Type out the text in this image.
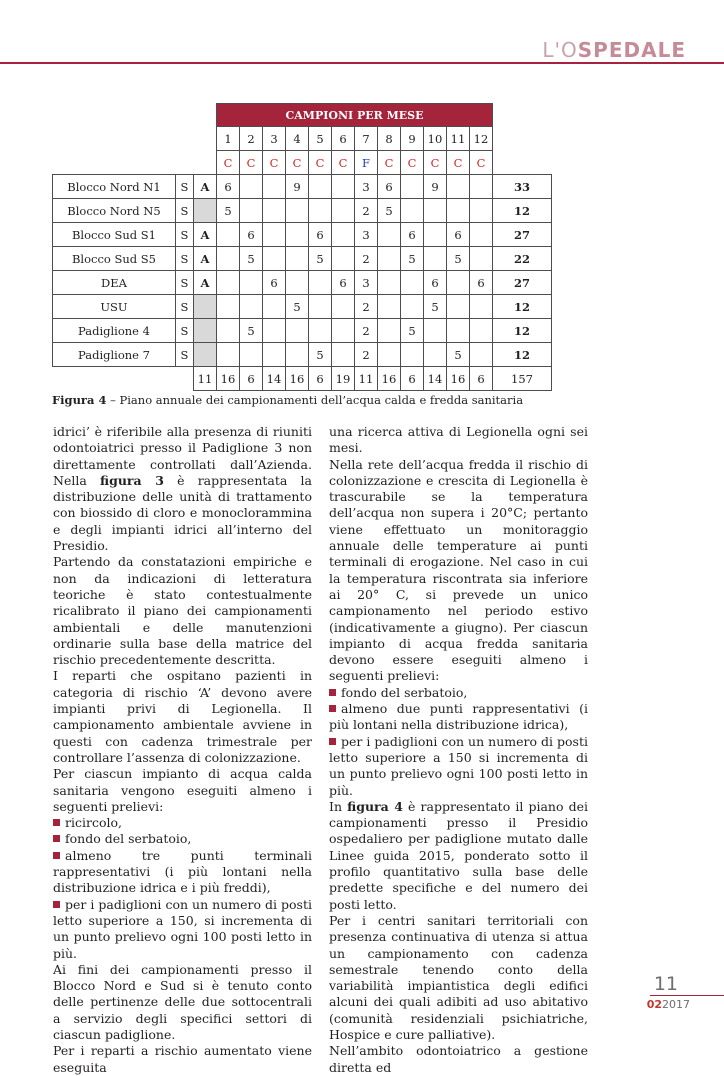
L'OSPEDALE
			CAMPIONI PER MESE												
			1	2	3	4	5	6	7	8	9	10	11	12	
			C	C	C	C	C	C	F	C	C	C	C	C	
Blocco Nord N1	S	A	6			9			3	6		9			33
Blocco Nord N5	S		5						2	5					12
Blocco Sud S1	S	A		6			6		3		6		6		27
Blocco Sud S5	S	A		5			5		2		5		5		22
DEA	S	A			6			6	3			6		6	27
USU	S					5			2			5			12
Padiglione 4	S			5					2		5				12
Padiglione 7	S						5		2				5		12
		11	16	6	14	16	6	19	11	16	6	14	16	6	157
Figura 4 – Piano annuale dei campionamenti dell’acqua calda e fredda sanitaria

idrici’ è riferibile alla presenza di riuniti odontoiatrici presso il Padiglione 3 non direttamente controllati dall’Azienda. Nella figura 3 è rappresentata la distribuzione delle unità di trattamento con biossido di cloro e monoclorammina e degli impianti idrici all’interno del Presidio.

Partendo da constatazioni empiriche e non da indicazioni di letteratura teoriche è stato contestualmente ricalibrato il piano dei campionamenti ambientali e delle manutenzioni ordinarie sulla base della matrice del rischio precedentemente descritta.

I reparti che ospitano pazienti in categoria di rischio ‘A’ devono avere impianti privi di Legionella. Il campionamento ambientale avviene in questi con cadenza trimestrale per controllare l’assenza di colonizzazione.

Per ciascun impianto di acqua calda sanitaria vengono eseguiti almeno i seguenti prelievi:

ricircolo,

fondo del serbatoio,

almeno tre punti terminali rappresentativi (i più lontani nella distribuzione idrica e i più freddi),

per i padiglioni con un numero di posti letto superiore a 150, si incrementa di un punto prelievo ogni 100 posti letto in più.

Ai fini dei campionamenti presso il Blocco Nord e Sud si è tenuto conto delle pertinenze delle due sottocentrali a servizio degli specifici settori di ciascun padiglione.

Per i reparti a rischio aumentato viene eseguita

una ricerca attiva di Legionella ogni sei mesi.

Nella rete dell’acqua fredda il rischio di colonizzazione e crescita di Legionella è trascurabile se la temperatura dell’acqua non supera i 20°C; pertanto viene effettuato un monitoraggio annuale delle temperature ai punti terminali di erogazione. Nel caso in cui la temperatura riscontrata sia inferiore ai 20° C, si prevede un unico campionamento nel periodo estivo (indicativamente a giugno). Per ciascun impianto di acqua fredda sanitaria devono essere eseguiti almeno i seguenti prelievi:

fondo del serbatoio,

almeno due punti rappresentativi (i più lontani nella distribuzione idrica),

per i padiglioni con un numero di posti letto superiore a 150 si incrementa di un punto prelievo ogni 100 posti letto in più.

In figura 4 è rappresentato il piano dei campionamenti presso il Presidio ospedaliero per padiglione mutato dalle Linee guida 2015, ponderato sotto il profilo quantitativo sulla base delle predette specifiche e del numero dei posti letto.

Per i centri sanitari territoriali con presenza continuativa di utenza si attua un campionamento con cadenza semestrale tenendo conto della variabilità impiantistica degli edifici alcuni dei quali adibiti ad uso abitativo (comunità residenziali psichiatriche, Hospice e cure palliative).

Nell’ambito odontoiatrico a gestione diretta ed

11
022017
